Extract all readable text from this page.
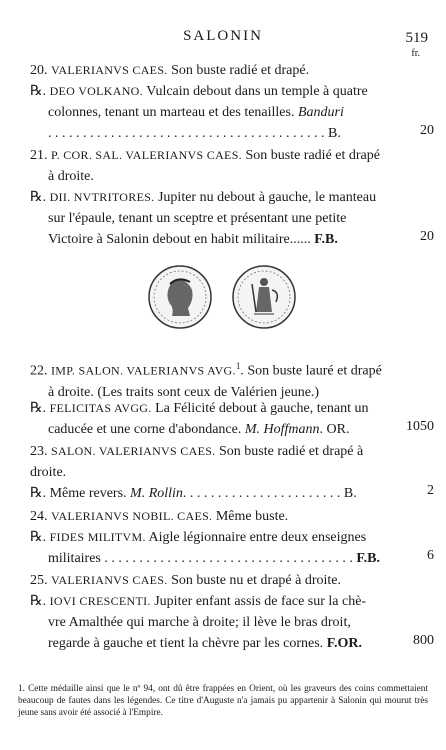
SALONIN	519
fr.
20. VALERIANVS CAES. Son buste radié et drapé.
℞. DEO VOLKANO. Vulcain debout dans un temple à quatre
colonnes, tenant un marteau et des tenailles. Banduri
. . . . . . . . . . . . . . . . . . . . . . . . . . . . . . . . . . . . . . . . B.	20
21. P. COR. SAL. VALERIANVS CAES. Son buste radié et drapé
à droite.
℞. DII. NVTRITORES. Jupiter nu debout à gauche, le manteau
sur l'épaule, tenant un sceptre et présentant une petite
Victoire à Salonin debout en habit militaire...... F.B.	20
22. IMP. SALON. VALERIANVS AVG.$^1$. Son buste lauré et drapé
à droite. (Les traits sont ceux de Valérien jeune.)
℞. FELICITAS AVGG. La Félicité debout à gauche, tenant un
caducée et une corne d'abondance. M. Hoffmann. OR.	1050
23. SALON. VALERIANVS CAES. Son buste radié et drapé à
droite.
℞. Même revers. M. Rollin. . . . . . . . . . . . . . . . . . . . . . . B.	2
24. VALERIANVS NOBIL. CAES. Même buste.
℞. FIDES MILITVM. Aigle légionnaire entre deux enseignes
militaires . . . . . . . . . . . . . . . . . . . . . . . . . . . . . . . . . . . . F.B.	6
25. VALERIANVS CAES. Son buste nu et drapé à droite.
℞. IOVI CRESCENTI. Jupiter enfant assis de face sur la chè-
vre Amalthée qui marche à droite; il lève le bras droit,
regarde à gauche et tient la chèvre par les cornes. F.OR.	800
1. Cette médaille ainsi que le nº 94, ont dû être frappées en Orient, où les graveurs des coins commettaient beaucoup de fautes dans les légendes. Ce titre d'Auguste n'a jamais pu appartenir à Salonin qui mourut très jeune sans avoir été associé à l'Empire.
